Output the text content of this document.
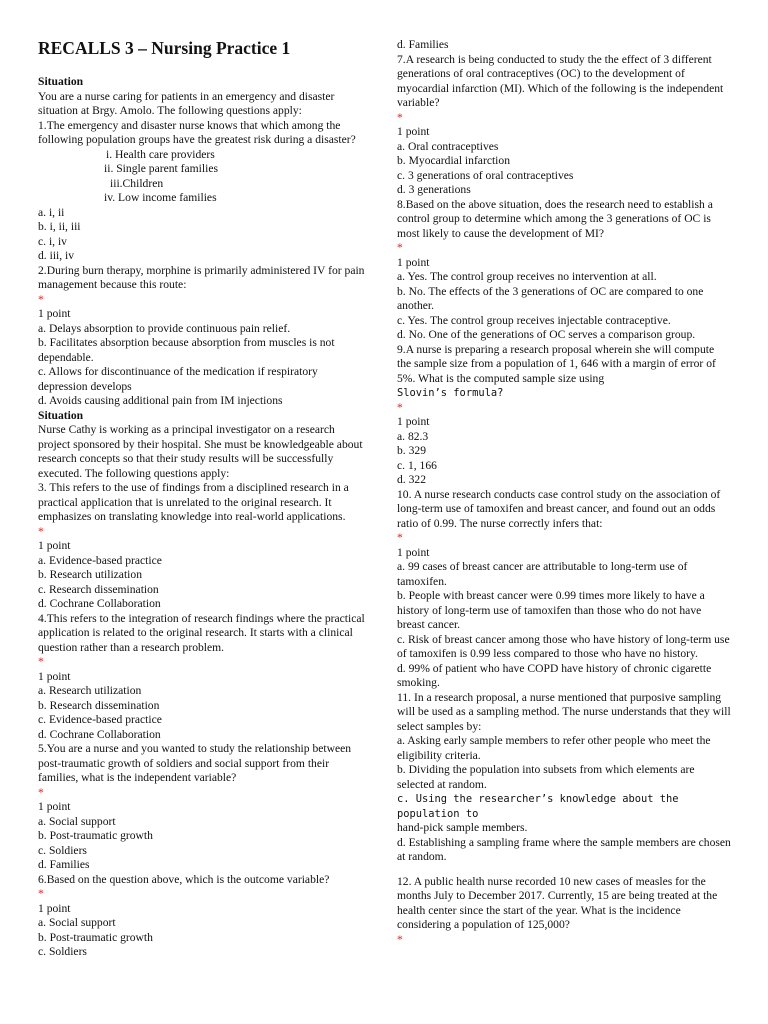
RECALLS 3 – Nursing Practice 1

Situation

You are a nurse caring for patients in an emergency and disaster situation at Brgy. Amolo. The following questions apply:

1.The emergency and disaster nurse knows that which among the following population groups have the greatest risk during a disaster?

i. Health care providers

ii. Single parent families

iii.Children

iv. Low income families

a. i, ii

b. i, ii, iii

c. i, iv

d. iii, iv

2.During burn therapy, morphine is primarily administered IV for pain management because this route:

*

1 point

a. Delays absorption to provide continuous pain relief.

b. Facilitates absorption because absorption from muscles is not dependable.

c. Allows for discontinuance of the medication if respiratory depression develops

d. Avoids causing additional pain from IM injections

Situation

Nurse Cathy is working as a principal investigator on a research project sponsored by their hospital. She must be knowledgeable about research concepts so that their study results will be successfully executed. The following questions apply:

3. This refers to the use of findings from a disciplined research in a practical application that is unrelated to the original research. It emphasizes on translating knowledge into real-world applications.

*

1 point

a. Evidence-based practice

b. Research utilization

c. Research dissemination

d. Cochrane Collaboration

4.This refers to the integration of research findings where the practical application is related to the original research. It starts with a clinical question rather than a research problem.

*

1 point

a. Research utilization

b. Research dissemination

c. Evidence-based practice

d. Cochrane Collaboration

5.You are a nurse and you wanted to study the relationship between post-traumatic growth of soldiers and social support from their families, what is the independent variable?

*

1 point

a. Social support

b. Post-traumatic growth

c. Soldiers

d. Families

6.Based on the question above, which is the outcome variable?

*

1 point

a. Social support

b. Post-traumatic growth

c. Soldiers

d. Families

7.A research is being conducted to study the the effect of 3 different generations of oral contraceptives (OC) to the development of myocardial infarction (MI). Which of the following is the independent variable?

*

1 point

a. Oral contraceptives

b. Myocardial infarction

c. 3 generations of oral contraceptives

d. 3 generations

8.Based on the above situation, does the research need to establish a control group to determine which among the 3 generations of OC is most likely to cause the development of MI?

*

1 point

a. Yes. The control group receives no intervention at all.

b. No. The effects of the 3 generations of OC are compared to one another.

c. Yes. The control group receives injectable contraceptive.

d. No. One of the generations of OC serves a comparison group.

9.A nurse is preparing a research proposal wherein she will compute the sample size from a population of 1, 646 with a margin of error of 5%. What is the computed sample size using

Slovin’s formula?

*

1 point

a. 82.3

b. 329

c. 1, 166

d. 322

10. A nurse research conducts case control study on the association of long-term use of tamoxifen and breast cancer, and found out an odds ratio of 0.99. The nurse correctly infers that:

*

1 point

a. 99 cases of breast cancer are attributable to long-term use of tamoxifen.

b. People with breast cancer were 0.99 times more likely to have a history of long-term use of tamoxifen than those who do not have breast cancer.

c. Risk of breast cancer among those who have history of long-term use of tamoxifen is 0.99 less compared to those who have no history.

d. 99% of patient who have COPD have history of chronic cigarette smoking.

11. In a research proposal, a nurse mentioned that purposive sampling will be used as a sampling method. The nurse understands that they will select samples by:

a. Asking early sample members to refer other people who meet the eligibility criteria.

b. Dividing the population into subsets from which elements are selected at random.

c. Using the researcher’s knowledge about the population to

hand-pick sample members.

d. Establishing a sampling frame where the sample members are chosen at random.

12. A public health nurse recorded 10 new cases of measles for the months July to December 2017. Currently, 15 are being treated at the health center since the start of the year. What is the incidence considering a population of 125,000?

*
